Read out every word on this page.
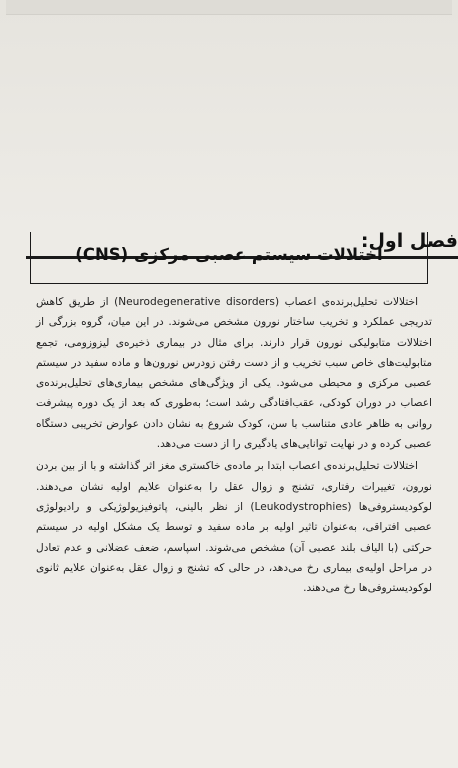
فصل اول:
اختلالات سیستم عصبی مرکزی (CNS)

اختلالات تحلیل‌برنده‌ی اعصاب (Neurodegenerative disorders) از طریق کاهش تدریجی عملکرد و تخریب ساختار نورون مشخص می‌شوند. در این میان، گروه بزرگی از اختلالات متابولیکی نورون قرار دارند. برای مثال در بیماری ذخیره‌ی لیزوزومی، تجمع متابولیت‌های خاص سبب تخریب و از دست رفتن زودرس نورون‌ها و ماده سفید در سیستم عصبی مرکزی و محیطی می‌شود. یکی از ویژگی‌های مشخص بیماری‌های تحلیل‌برنده‌ی اعصاب در دوران کودکی، عقب‌افتادگی رشد است؛ به‌طوری که بعد از یک دوره پیشرفت روانی به ظاهر عادی متناسب با سن، کودک شروع به نشان دادن عوارض تخریبی دستگاه عصبی کرده و در نهایت توانایی‌های یادگیری را از دست می‌دهد.

اختلالات تحلیل‌برنده‌ی اعصاب ابتدا بر ماده‌ی خاکستری مغز اثر گذاشته و با از بین بردن نورون، تغییرات رفتاری، تشنج و زوال عقل را به‌عنوان علایم اولیه نشان می‌دهند. لوکودیستروفی‌ها (Leukodystrophies) از نظر بالینی، پاتوفیزیولوژیکی و رادیولوژی عصبی افتراقی، به‌عنوان تاثیر اولیه بر ماده سفید و توسط یک مشکل اولیه در سیستم حرکتی (با الیاف بلند عصبی آن) مشخص می‌شوند. اسپاسم، ضعف عضلانی و عدم تعادل در مراحل اولیه‌ی بیماری رخ می‌دهد، در حالی که تشنج و زوال عقل به‌عنوان علایم ثانوی لوکودیستروفی‌ها رخ می‌دهند.
